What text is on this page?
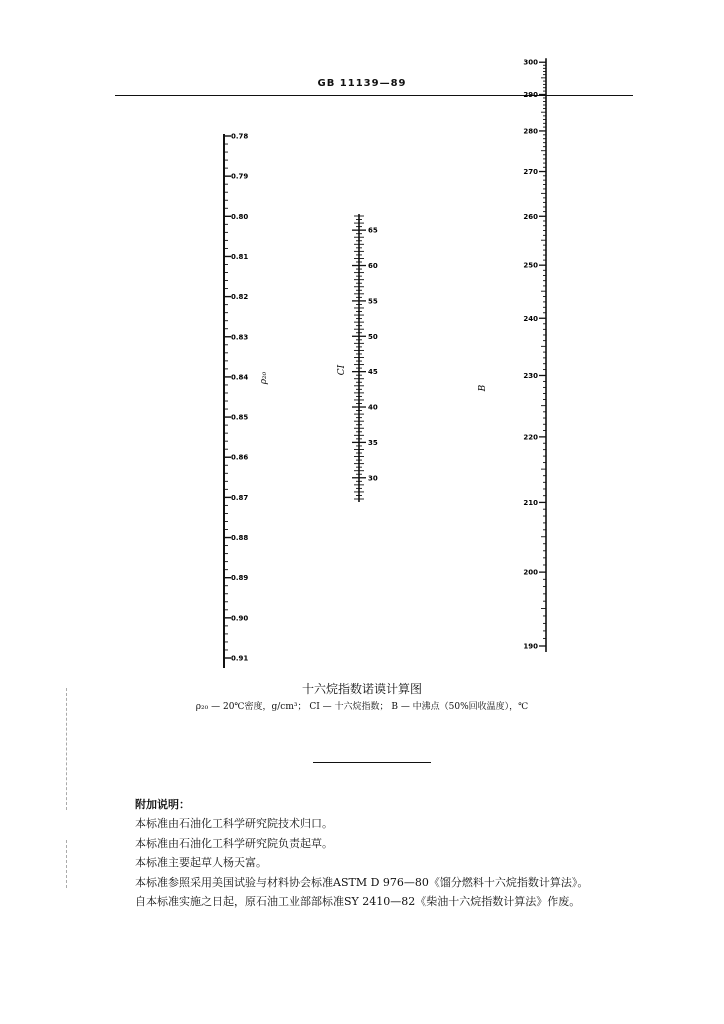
GB 11139—89
0.78
0.79
0.80
0.81
0.82
0.83
0.84
0.85
0.86
0.87
0.88
0.89
0.90
0.91
ρ₂₀
30
35
40
45
50
55
60
65
CI
190
200
210
220
230
240
250
260
270
280
290
300
B
十六烷指数诺谟计算图
ρ₂₀ — 20℃密度，g/cm³； CI — 十六烷指数； B — 中沸点（50%回收温度），℃
附加说明：
本标准由石油化工科学研究院技术归口。
本标准由石油化工科学研究院负责起草。
本标准主要起草人杨天富。
本标准参照采用美国试验与材料协会标准ASTM D 976—80《馏分燃料十六烷指数计算法》。
自本标准实施之日起，原石油工业部部标准SY 2410—82《柴油十六烷指数计算法》作废。
